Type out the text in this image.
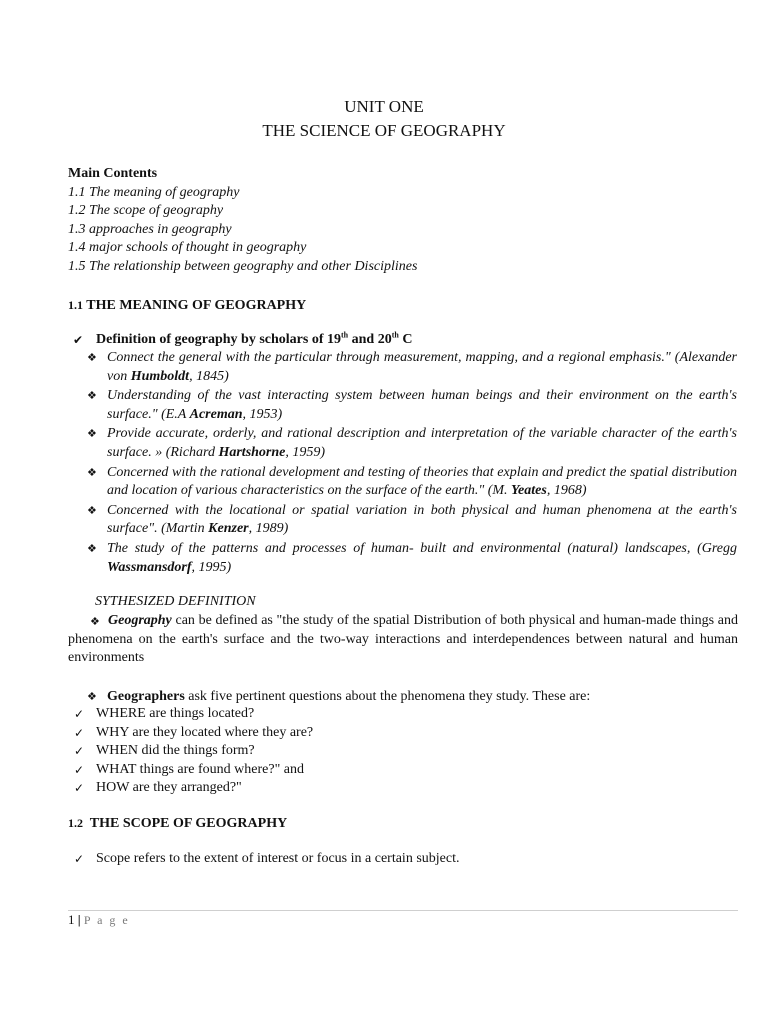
UNIT ONE
THE SCIENCE OF GEOGRAPHY
Main Contents
1.1 The meaning of geography
1.2 The scope of geography
1.3 approaches in geography
1.4 major schools of thought in geography
1.5 The relationship between geography and other Disciplines
1.1 THE MEANING OF GEOGRAPHY
✔ Definition of geography by scholars of 19th and 20th C
❖ Connect the general with the particular through measurement, mapping, and a regional emphasis." (Alexander von Humboldt, 1845)
❖ Understanding of the vast interacting system between human beings and their environment on the earth's surface." (E.A Acreman, 1953)
❖ Provide accurate, orderly, and rational description and interpretation of the variable character of the earth's surface. » (Richard Hartshorne, 1959)
❖ Concerned with the rational development and testing of theories that explain and predict the spatial distribution and location of various characteristics on the surface of the earth." (M. Yeates, 1968)
❖ Concerned with the locational or spatial variation in both physical and human phenomena at the earth's surface". (Martin Kenzer, 1989)
❖ The study of the patterns and processes of human- built and environmental (natural) landscapes, (Gregg Wassmansdorf, 1995)
SYTHESIZED DEFINITION
❖ Geography can be defined as "the study of the spatial Distribution of both physical and human-made things and phenomena on the earth's surface and the two-way interactions and interdependences between natural and human environments
❖ Geographers ask five pertinent questions about the phenomena they study. These are:
✓ WHERE are things located?
✓ WHY are they located where they are?
✓ WHEN did the things form?
✓ WHAT things are found where?" and
✓ HOW are they arranged?"
1.2 THE SCOPE OF GEOGRAPHY
✓ Scope refers to the extent of interest or focus in a certain subject.
1 | P a g e
